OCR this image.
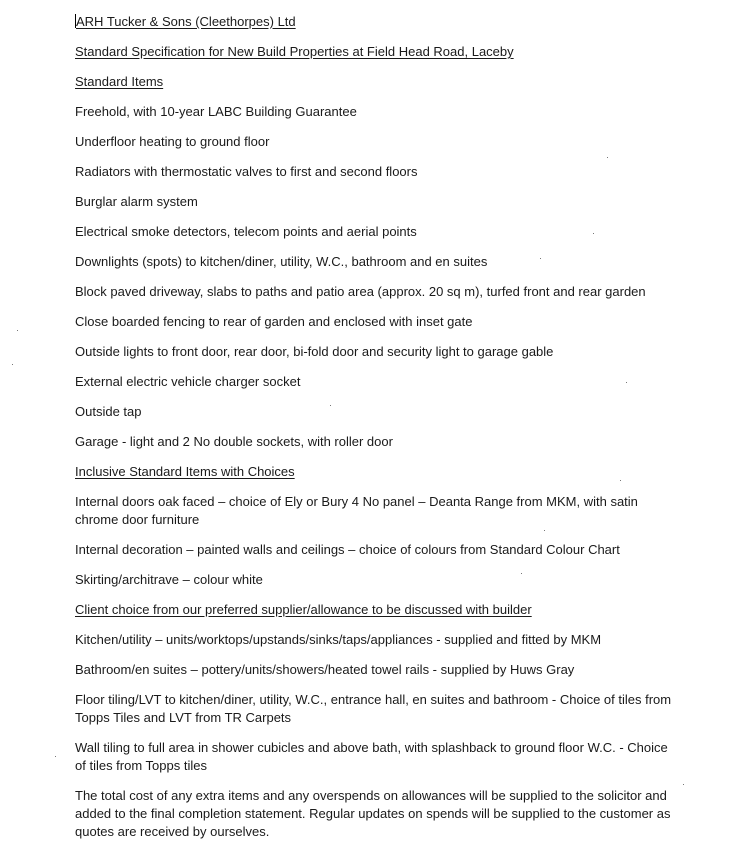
ARH Tucker & Sons (Cleethorpes) Ltd

Standard Specification for New Build Properties at Field Head Road, Laceby

Standard Items

Freehold, with 10-year LABC Building Guarantee

Underfloor heating to ground floor

Radiators with thermostatic valves to first and second floors

Burglar alarm system

Electrical smoke detectors, telecom points and aerial points

Downlights (spots) to kitchen/diner, utility, W.C., bathroom and en suites

Block paved driveway, slabs to paths and patio area (approx. 20 sq m), turfed front and rear garden

Close boarded fencing to rear of garden and enclosed with inset gate

Outside lights to front door, rear door, bi-fold door and security light to garage gable

External electric vehicle charger socket

Outside tap

Garage - light and 2 No double sockets, with roller door

Inclusive Standard Items with Choices

Internal doors oak faced – choice of Ely or Bury 4 No panel – Deanta Range from MKM, with satin chrome door furniture

Internal decoration – painted walls and ceilings – choice of colours from Standard Colour Chart

Skirting/architrave – colour white

Client choice from our preferred supplier/allowance to be discussed with builder

Kitchen/utility – units/worktops/upstands/sinks/taps/appliances - supplied and fitted by MKM

Bathroom/en suites – pottery/units/showers/heated towel rails - supplied by Huws Gray

Floor tiling/LVT to kitchen/diner, utility, W.C., entrance hall, en suites and bathroom - Choice of tiles from Topps Tiles and LVT from TR Carpets

Wall tiling to full area in shower cubicles and above bath, with splashback to ground floor W.C. - Choice of tiles from Topps tiles

The total cost of any extra items and any overspends on allowances will be supplied to the solicitor and added to the final completion statement. Regular updates on spends will be supplied to the customer as quotes are received by ourselves.
